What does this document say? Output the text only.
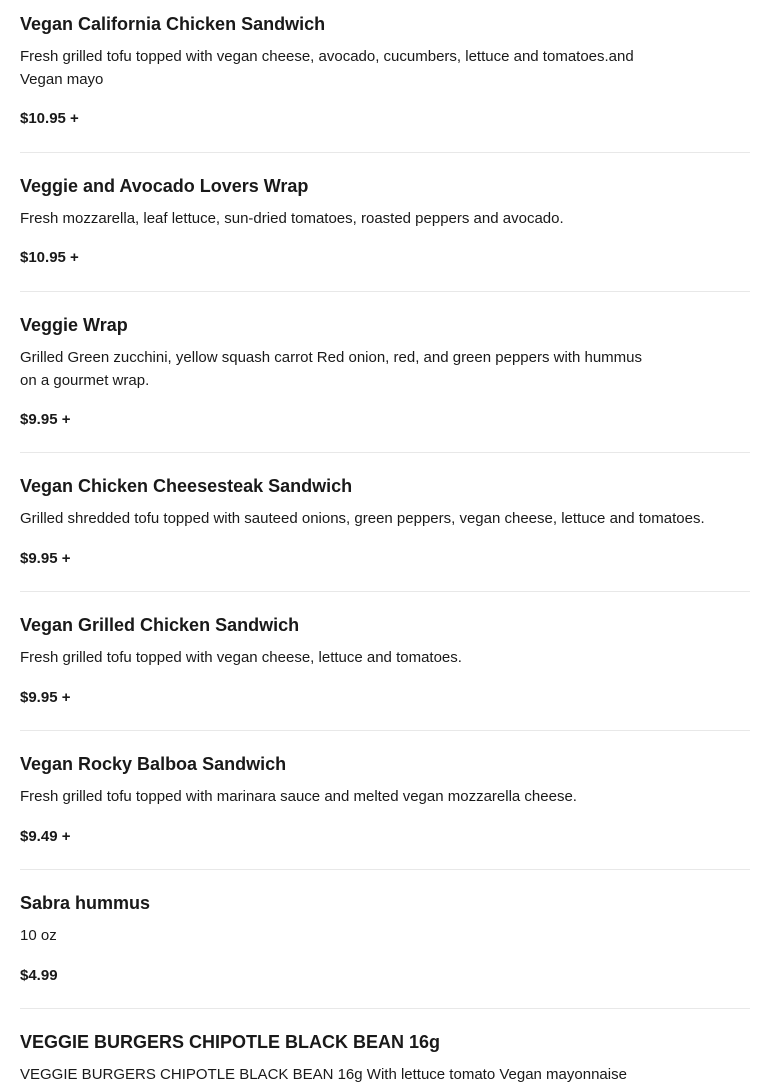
Vegan California Chicken Sandwich

Fresh grilled tofu topped with vegan cheese, avocado, cucumbers, lettuce and tomatoes.and Vegan mayo

$10.95 +

Veggie and Avocado Lovers Wrap

Fresh mozzarella, leaf lettuce, sun-dried tomatoes, roasted peppers and avocado.

$10.95 +

Veggie Wrap

Grilled Green zucchini, yellow squash carrot Red onion, red, and green peppers with hummus on a gourmet wrap.

$9.95 +

Vegan Chicken Cheesesteak Sandwich

Grilled shredded tofu topped with sauteed onions, green peppers, vegan cheese, lettuce and tomatoes.

$9.95 +

Vegan Grilled Chicken Sandwich

Fresh grilled tofu topped with vegan cheese, lettuce and tomatoes.

$9.95 +

Vegan Rocky Balboa Sandwich

Fresh grilled tofu topped with marinara sauce and melted vegan mozzarella cheese.

$9.49 +

Sabra hummus

10 oz

$4.99

VEGGIE BURGERS CHIPOTLE BLACK BEAN 16g

VEGGIE BURGERS CHIPOTLE BLACK BEAN 16g With lettuce tomato Vegan mayonnaise
